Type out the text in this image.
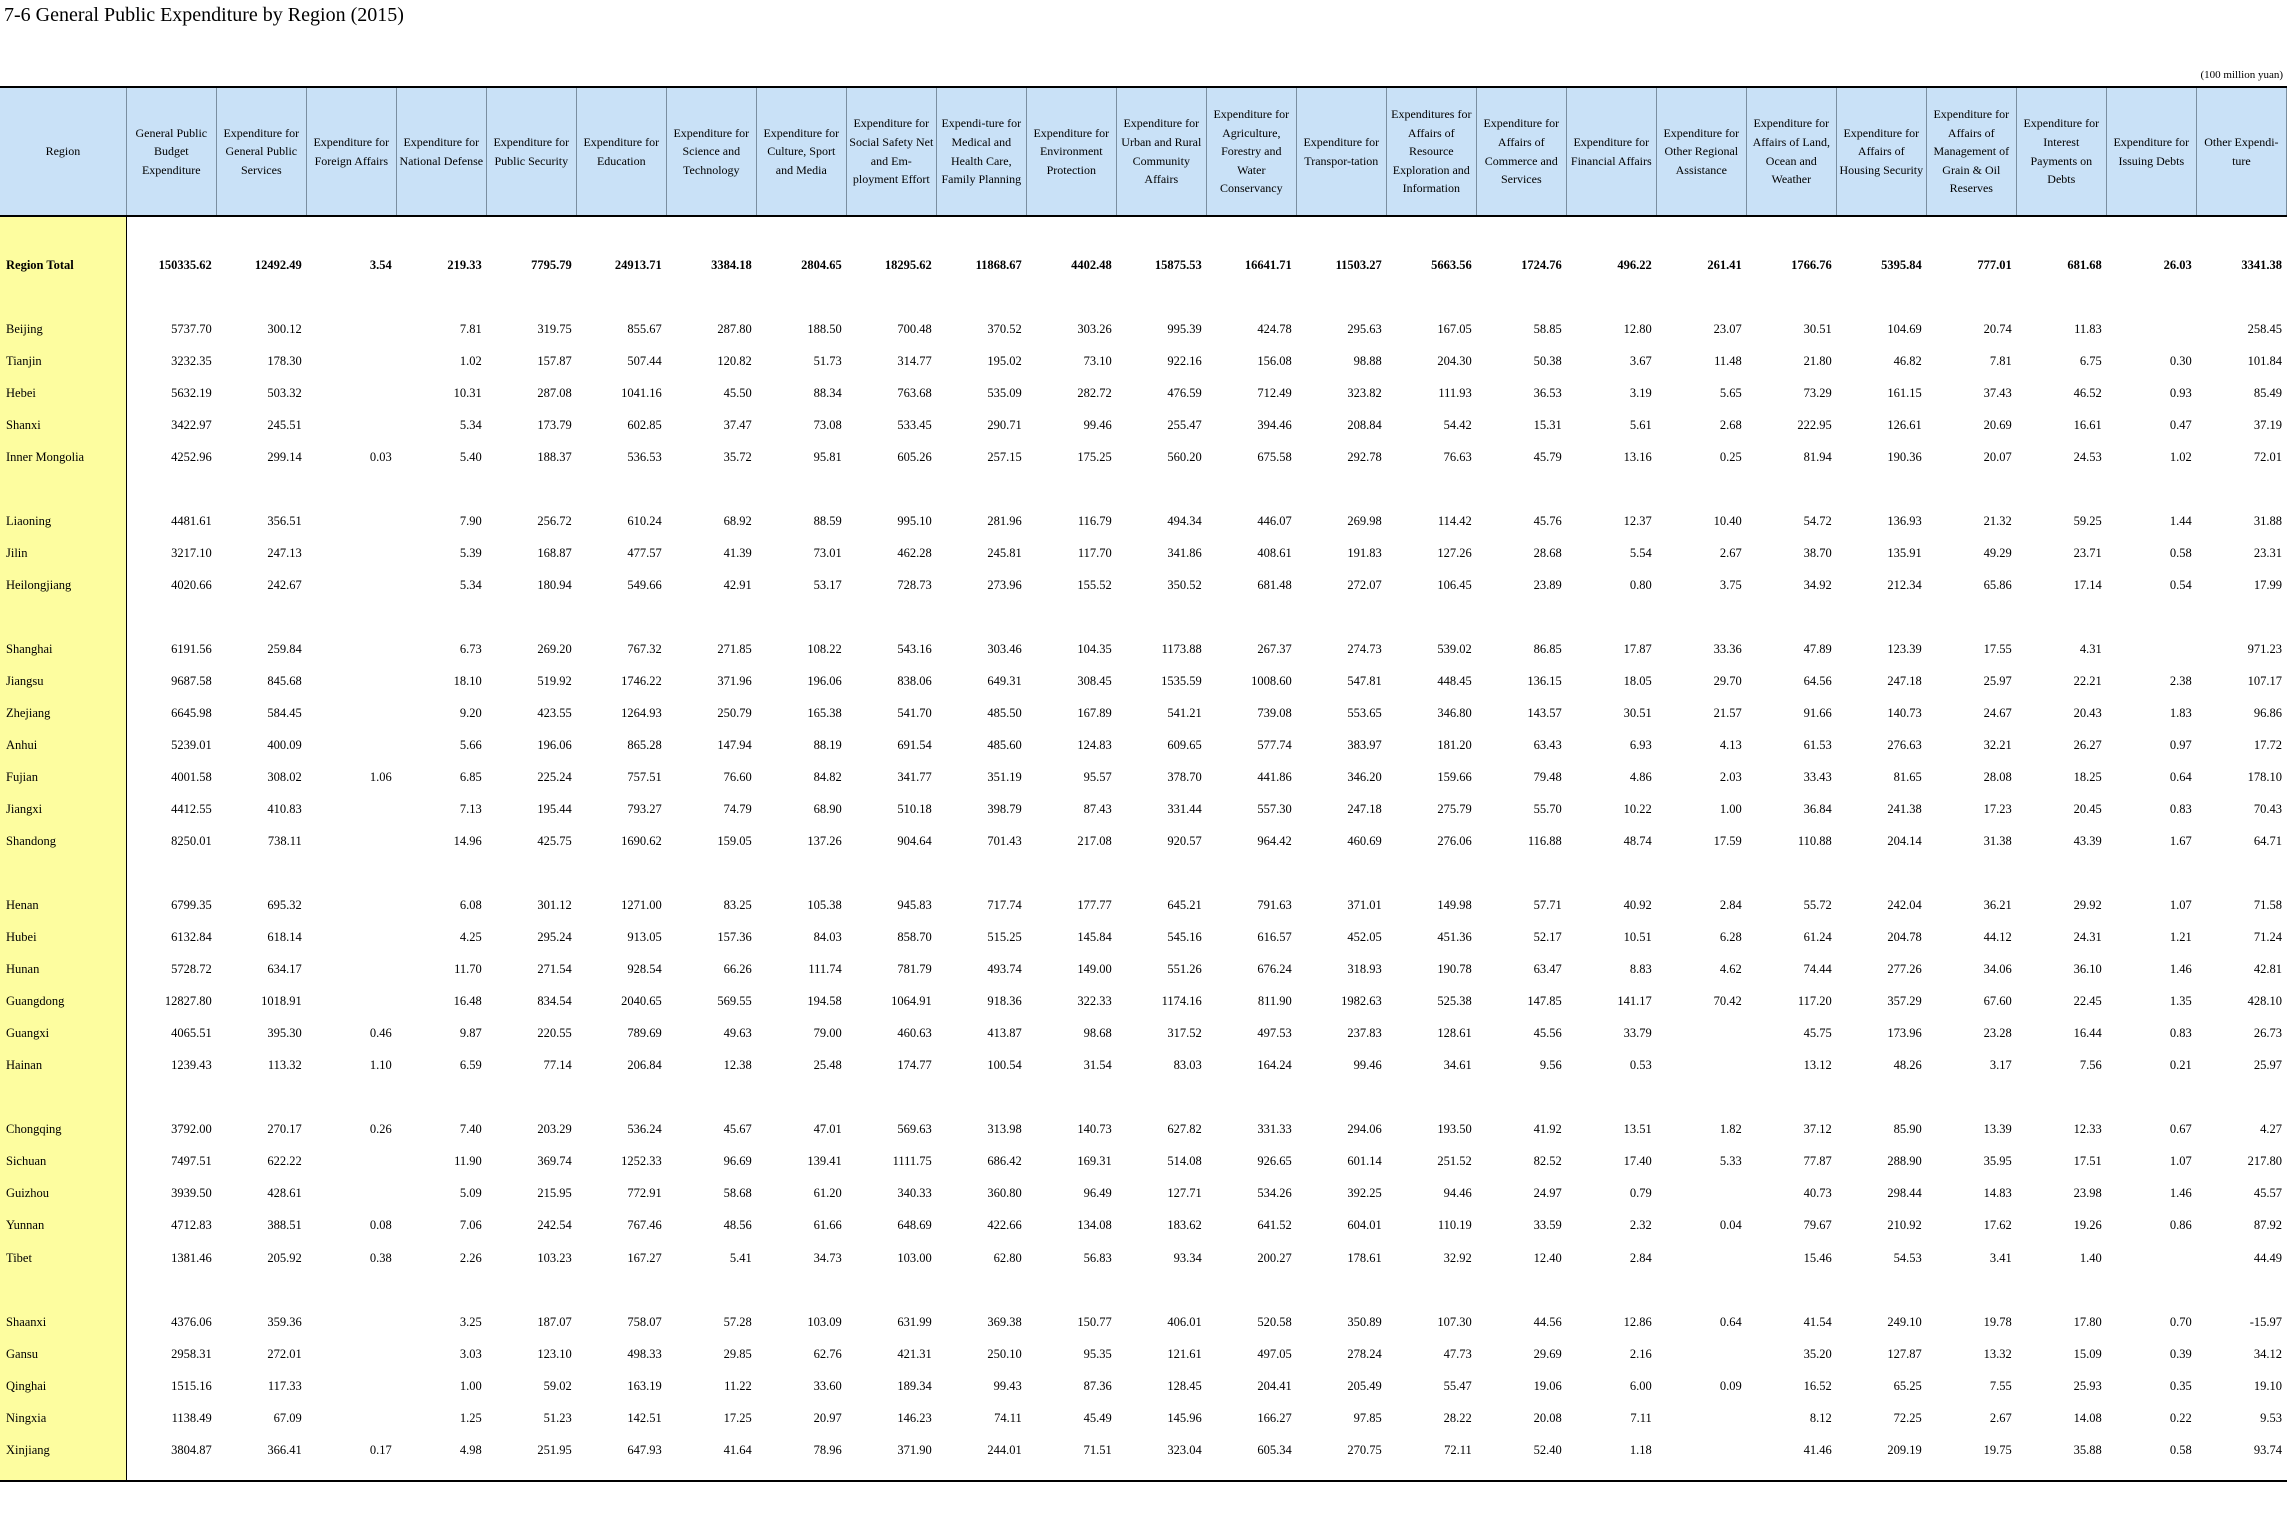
7-6 General Public Expenditure by Region (2015)
(100 million yuan)
Region	General Public Budget Expenditure	Expenditure for General Public Services	Expenditure for Foreign Affairs	Expenditure for National Defense	Expenditure for Public Security	Expenditure for Education	Expenditure for Science and Technology	Expenditure for Culture, Sport and Media	Expenditure for Social Safety Net and Em-ployment Effort	Expendi-ture for Medical and Health Care, Family Planning	Expenditure for Environment Protection	Expenditure for Urban and Rural Community Affairs	Expenditure for Agriculture, Forestry and Water Conservancy	Expenditure for Transpor-tation	Expenditures for Affairs of Resource Exploration and Information	Expenditure for Affairs of Commerce and Services	Expenditure for Financial Affairs	Expenditure for Other Regional Assistance	Expenditure for Affairs of Land, Ocean and Weather	Expenditure for Affairs of Housing Security	Expenditure for Affairs of Management of Grain & Oil Reserves	Expenditure for Interest Payments on Debts	Expenditure for Issuing Debts	Other Expendi-ture

Region Total	150335.62	12492.49	3.54	219.33	7795.79	24913.71	3384.18	2804.65	18295.62	11868.67	4402.48	15875.53	16641.71	11503.27	5663.56	1724.76	496.22	261.41	1766.76	5395.84	777.01	681.68	26.03	3341.38

Beijing	5737.70	300.12		7.81	319.75	855.67	287.80	188.50	700.48	370.52	303.26	995.39	424.78	295.63	167.05	58.85	12.80	23.07	30.51	104.69	20.74	11.83		258.45
Tianjin	3232.35	178.30		1.02	157.87	507.44	120.82	51.73	314.77	195.02	73.10	922.16	156.08	98.88	204.30	50.38	3.67	11.48	21.80	46.82	7.81	6.75	0.30	101.84
Hebei	5632.19	503.32		10.31	287.08	1041.16	45.50	88.34	763.68	535.09	282.72	476.59	712.49	323.82	111.93	36.53	3.19	5.65	73.29	161.15	37.43	46.52	0.93	85.49
Shanxi	3422.97	245.51		5.34	173.79	602.85	37.47	73.08	533.45	290.71	99.46	255.47	394.46	208.84	54.42	15.31	5.61	2.68	222.95	126.61	20.69	16.61	0.47	37.19
Inner Mongolia	4252.96	299.14	0.03	5.40	188.37	536.53	35.72	95.81	605.26	257.15	175.25	560.20	675.58	292.78	76.63	45.79	13.16	0.25	81.94	190.36	20.07	24.53	1.02	72.01

Liaoning	4481.61	356.51		7.90	256.72	610.24	68.92	88.59	995.10	281.96	116.79	494.34	446.07	269.98	114.42	45.76	12.37	10.40	54.72	136.93	21.32	59.25	1.44	31.88
Jilin	3217.10	247.13		5.39	168.87	477.57	41.39	73.01	462.28	245.81	117.70	341.86	408.61	191.83	127.26	28.68	5.54	2.67	38.70	135.91	49.29	23.71	0.58	23.31
Heilongjiang	4020.66	242.67		5.34	180.94	549.66	42.91	53.17	728.73	273.96	155.52	350.52	681.48	272.07	106.45	23.89	0.80	3.75	34.92	212.34	65.86	17.14	0.54	17.99

Shanghai	6191.56	259.84		6.73	269.20	767.32	271.85	108.22	543.16	303.46	104.35	1173.88	267.37	274.73	539.02	86.85	17.87	33.36	47.89	123.39	17.55	4.31		971.23
Jiangsu	9687.58	845.68		18.10	519.92	1746.22	371.96	196.06	838.06	649.31	308.45	1535.59	1008.60	547.81	448.45	136.15	18.05	29.70	64.56	247.18	25.97	22.21	2.38	107.17
Zhejiang	6645.98	584.45		9.20	423.55	1264.93	250.79	165.38	541.70	485.50	167.89	541.21	739.08	553.65	346.80	143.57	30.51	21.57	91.66	140.73	24.67	20.43	1.83	96.86
Anhui	5239.01	400.09		5.66	196.06	865.28	147.94	88.19	691.54	485.60	124.83	609.65	577.74	383.97	181.20	63.43	6.93	4.13	61.53	276.63	32.21	26.27	0.97	17.72
Fujian	4001.58	308.02	1.06	6.85	225.24	757.51	76.60	84.82	341.77	351.19	95.57	378.70	441.86	346.20	159.66	79.48	4.86	2.03	33.43	81.65	28.08	18.25	0.64	178.10
Jiangxi	4412.55	410.83		7.13	195.44	793.27	74.79	68.90	510.18	398.79	87.43	331.44	557.30	247.18	275.79	55.70	10.22	1.00	36.84	241.38	17.23	20.45	0.83	70.43
Shandong	8250.01	738.11		14.96	425.75	1690.62	159.05	137.26	904.64	701.43	217.08	920.57	964.42	460.69	276.06	116.88	48.74	17.59	110.88	204.14	31.38	43.39	1.67	64.71

Henan	6799.35	695.32		6.08	301.12	1271.00	83.25	105.38	945.83	717.74	177.77	645.21	791.63	371.01	149.98	57.71	40.92	2.84	55.72	242.04	36.21	29.92	1.07	71.58
Hubei	6132.84	618.14		4.25	295.24	913.05	157.36	84.03	858.70	515.25	145.84	545.16	616.57	452.05	451.36	52.17	10.51	6.28	61.24	204.78	44.12	24.31	1.21	71.24
Hunan	5728.72	634.17		11.70	271.54	928.54	66.26	111.74	781.79	493.74	149.00	551.26	676.24	318.93	190.78	63.47	8.83	4.62	74.44	277.26	34.06	36.10	1.46	42.81
Guangdong	12827.80	1018.91		16.48	834.54	2040.65	569.55	194.58	1064.91	918.36	322.33	1174.16	811.90	1982.63	525.38	147.85	141.17	70.42	117.20	357.29	67.60	22.45	1.35	428.10
Guangxi	4065.51	395.30	0.46	9.87	220.55	789.69	49.63	79.00	460.63	413.87	98.68	317.52	497.53	237.83	128.61	45.56	33.79		45.75	173.96	23.28	16.44	0.83	26.73
Hainan	1239.43	113.32	1.10	6.59	77.14	206.84	12.38	25.48	174.77	100.54	31.54	83.03	164.24	99.46	34.61	9.56	0.53		13.12	48.26	3.17	7.56	0.21	25.97

Chongqing	3792.00	270.17	0.26	7.40	203.29	536.24	45.67	47.01	569.63	313.98	140.73	627.82	331.33	294.06	193.50	41.92	13.51	1.82	37.12	85.90	13.39	12.33	0.67	4.27
Sichuan	7497.51	622.22		11.90	369.74	1252.33	96.69	139.41	1111.75	686.42	169.31	514.08	926.65	601.14	251.52	82.52	17.40	5.33	77.87	288.90	35.95	17.51	1.07	217.80
Guizhou	3939.50	428.61		5.09	215.95	772.91	58.68	61.20	340.33	360.80	96.49	127.71	534.26	392.25	94.46	24.97	0.79		40.73	298.44	14.83	23.98	1.46	45.57
Yunnan	4712.83	388.51	0.08	7.06	242.54	767.46	48.56	61.66	648.69	422.66	134.08	183.62	641.52	604.01	110.19	33.59	2.32	0.04	79.67	210.92	17.62	19.26	0.86	87.92
Tibet	1381.46	205.92	0.38	2.26	103.23	167.27	5.41	34.73	103.00	62.80	56.83	93.34	200.27	178.61	32.92	12.40	2.84		15.46	54.53	3.41	1.40		44.49

Shaanxi	4376.06	359.36		3.25	187.07	758.07	57.28	103.09	631.99	369.38	150.77	406.01	520.58	350.89	107.30	44.56	12.86	0.64	41.54	249.10	19.78	17.80	0.70	-15.97
Gansu	2958.31	272.01		3.03	123.10	498.33	29.85	62.76	421.31	250.10	95.35	121.61	497.05	278.24	47.73	29.69	2.16		35.20	127.87	13.32	15.09	0.39	34.12
Qinghai	1515.16	117.33		1.00	59.02	163.19	11.22	33.60	189.34	99.43	87.36	128.45	204.41	205.49	55.47	19.06	6.00	0.09	16.52	65.25	7.55	25.93	0.35	19.10
Ningxia	1138.49	67.09		1.25	51.23	142.51	17.25	20.97	146.23	74.11	45.49	145.96	166.27	97.85	28.22	20.08	7.11		8.12	72.25	2.67	14.08	0.22	9.53
Xinjiang	3804.87	366.41	0.17	4.98	251.95	647.93	41.64	78.96	371.90	244.01	71.51	323.04	605.34	270.75	72.11	52.40	1.18		41.46	209.19	19.75	35.88	0.58	93.74
